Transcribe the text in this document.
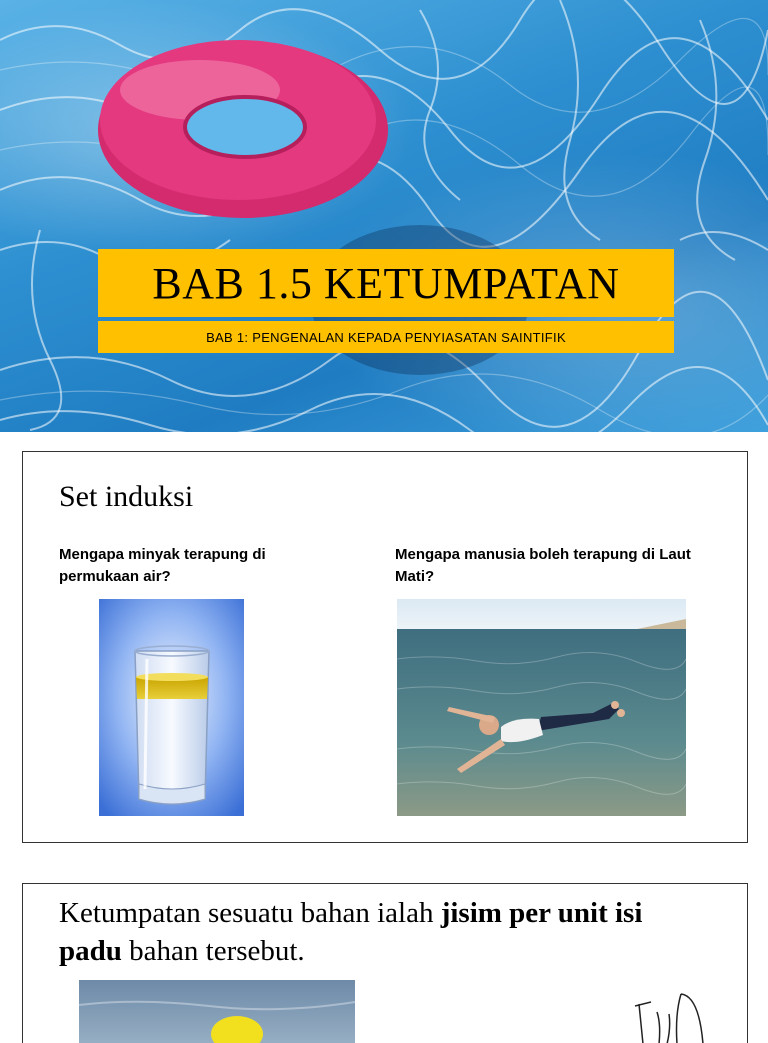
BAB 1.5 KETUMPATAN
BAB 1: PENGENALAN KEPADA PENYIASATAN SAINTIFIK
Set induksi
Mengapa minyak terapung di permukaan air?
Mengapa manusia boleh terapung di Laut Mati?
Ketumpatan sesuatu bahan ialah jisim per unit isi padu bahan tersebut.
